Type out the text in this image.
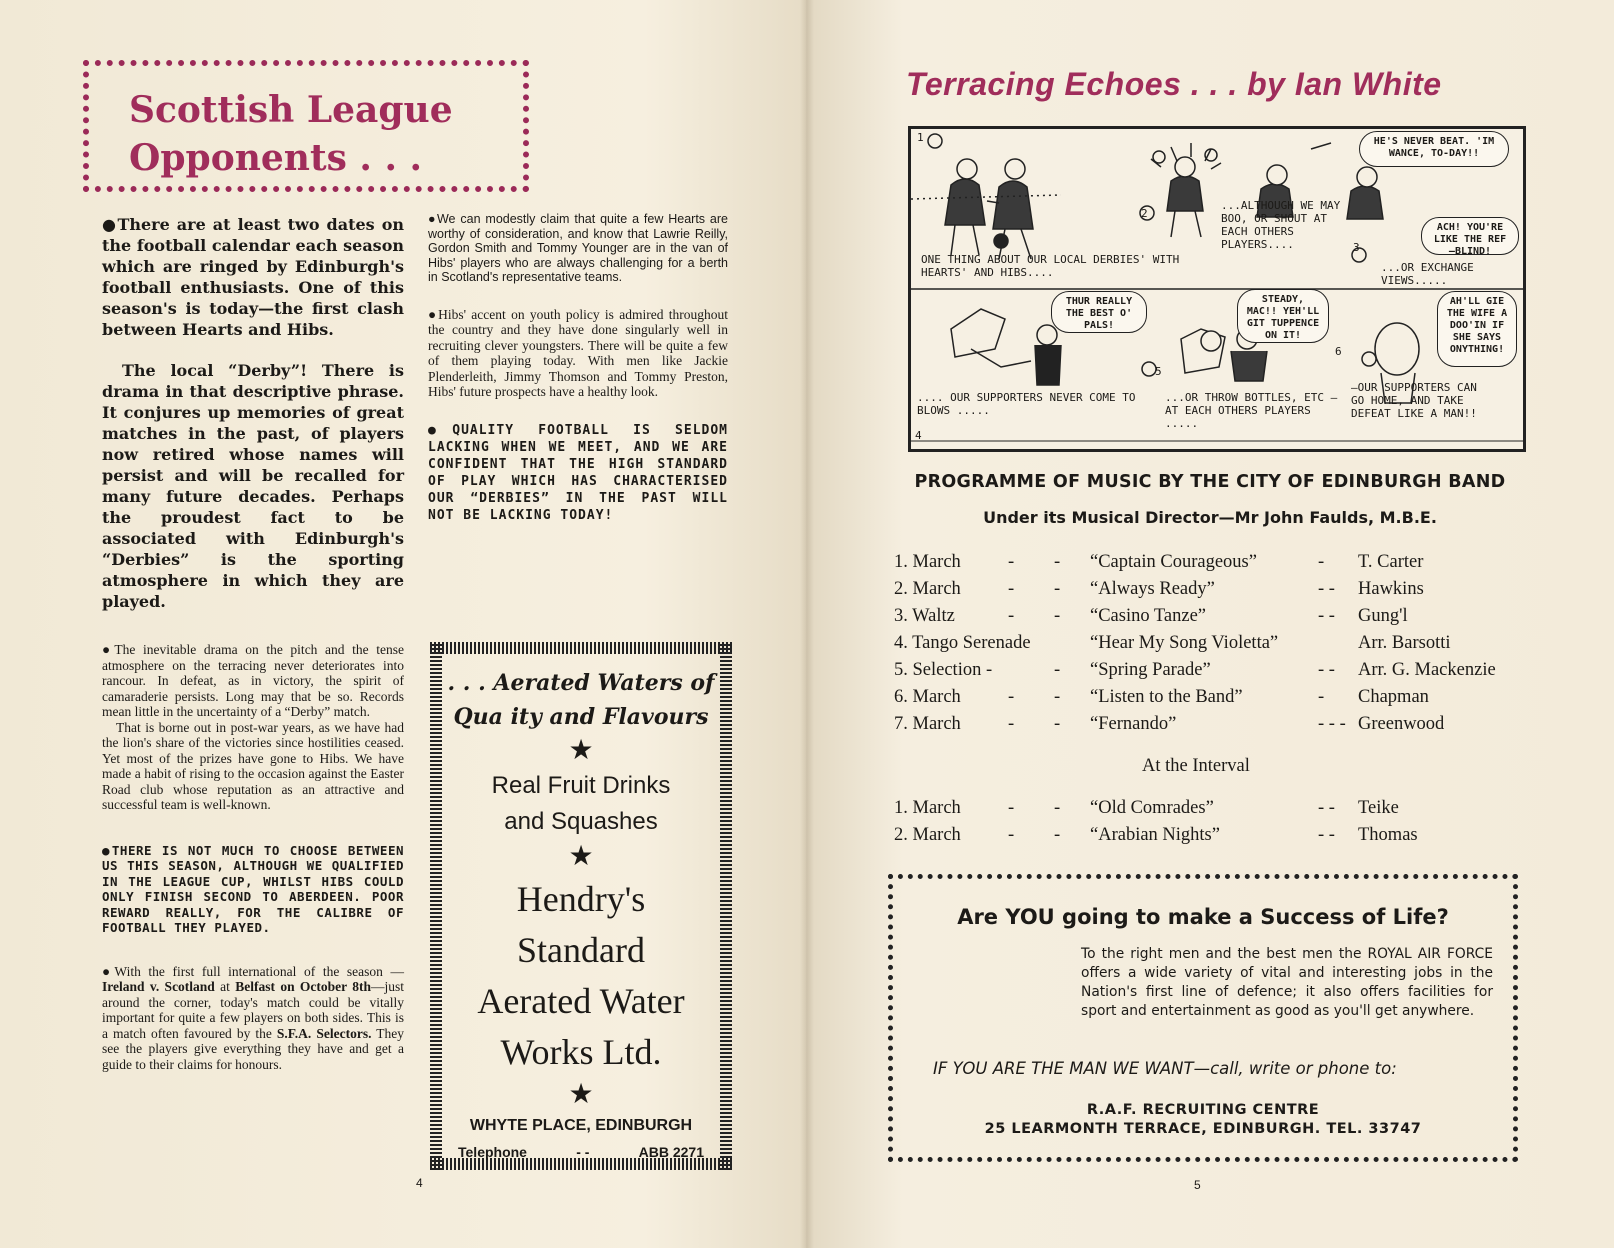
Scottish League
Opponents . . .

● There are at least two dates on the football calendar each season which are ringed by Edinburgh's football enthusiasts. One of this season's is today—the first clash between Hearts and Hibs.

The local “Derby”! There is drama in that descriptive phrase. It conjures up memories of great matches in the past, of players now retired whose names will persist and will be recalled for many future decades. Perhaps the proudest fact to be associated with Edinburgh's “Derbies” is the sporting atmosphere in which they are played.

● The inevitable drama on the pitch and the tense atmosphere on the terracing never deteriorates into rancour. In defeat, as in victory, the spirit of camaraderie persists. Long may that be so. Records mean little in the uncertainty of a “Derby” match.

That is borne out in post-war years, as we have had the lion's share of the victories since hostilities ceased. Yet most of the prizes have gone to Hibs. We have made a habit of rising to the occasion against the Easter Road club whose reputation as an attractive and successful team is well-known.

● THERE IS NOT MUCH TO CHOOSE BETWEEN US THIS SEASON, ALTHOUGH WE QUALIFIED IN THE LEAGUE CUP, WHILST HIBS COULD ONLY FINISH SECOND TO ABERDEEN. POOR REWARD REALLY, FOR THE CALIBRE OF FOOTBALL THEY PLAYED.

● With the first full international of the season — Ireland v. Scotland at Belfast on October 8th—just around the corner, today's match could be vitally important for quite a few players on both sides. This is a match often favoured by the S.F.A. Selectors. They see the players give everything they have and get a guide to their claims for honours.

● We can modestly claim that quite a few Hearts are worthy of consideration, and know that Lawrie Reilly, Gordon Smith and Tommy Younger are in the van of Hibs' players who are always challenging for a berth in Scotland's representative teams.

● Hibs' accent on youth policy is admired throughout the country and they have done singularly well in recruiting clever youngsters. There will be quite a few of them playing today. With men like Jackie Plenderleith, Jimmy Thomson and Tommy Preston, Hibs' future prospects have a healthy look.

● QUALITY FOOTBALL IS SELDOM LACKING WHEN WE MEET, AND WE ARE CONFIDENT THAT THE HIGH STANDARD OF PLAY WHICH HAS CHARACTERISED OUR “DERBIES” IN THE PAST WILL NOT BE LACKING TODAY!

. . . Aerated Waters of
Qua ity and Flavours
★
Real Fruit Drinks
and Squashes
★
Hendry's
Standard
Aerated Water
Works Ltd.
★
WHYTE PLACE, EDINBURGH
Telephone	- -	ABB 2271
4
Terracing Echoes . . . by Ian White
1
ONE THING ABOUT OUR LOCAL DERBIES' WITH HEARTS' AND HIBS....
2
...ALTHOUGH WE MAY BOO, OR SHOUT AT EACH OTHERS PLAYERS....	3
HE'S NEVER BEAT. 'IM WANCE, TO-DAY!!
ACH! YOU'RE LIKE THE REF —BLIND!
...OR EXCHANGE VIEWS.....
4
THUR REALLY THE BEST O' PALS!
.... OUR SUPPORTERS NEVER COME TO BLOWS .....
5
STEADY, MAC!! YEH'LL GIT TUPPENCE ON IT!
...OR THROW BOTTLES, ETC — AT EACH OTHERS PLAYERS .....
6
AH'LL GIE THE WIFE A DOO'IN IF SHE SAYS ONYTHING!
—OUR SUPPORTERS CAN GO HOME, AND TAKE DEFEAT LIKE A MAN!!
PROGRAMME OF MUSIC BY THE CITY OF EDINBURGH BAND
Under its Musical Director—Mr John Faulds, M.B.E.
1. March	- - “Captain Courageous”	- T. Carter
2. March	- - “Always Ready”	- - Hawkins
3. Waltz	- - “Casino Tanze”	- - Gung'l
4. Tango Serenade	“Hear My Song Violetta”	Arr. Barsotti
5. Selection -	- “Spring Parade”	- - Arr. G. Mackenzie
6. March	- - “Listen to the Band”	- Chapman
7. March	- - “Fernando”	- - - Greenwood
At the Interval
1. March	- - “Old Comrades”	- - Teike
2. March	- - “Arabian Nights”	- - Thomas
Are YOU going to make a Success of Life?
To the right men and the best men the ROYAL AIR FORCE offers a wide variety of vital and interesting jobs in the Nation's first line of defence; it also offers facilities for sport and entertainment as good as you'll get anywhere.
IF YOU ARE THE MAN WE WANT—call, write or phone to:
R.A.F. RECRUITING CENTRE
25 LEARMONTH TERRACE, EDINBURGH. TEL. 33747
5
